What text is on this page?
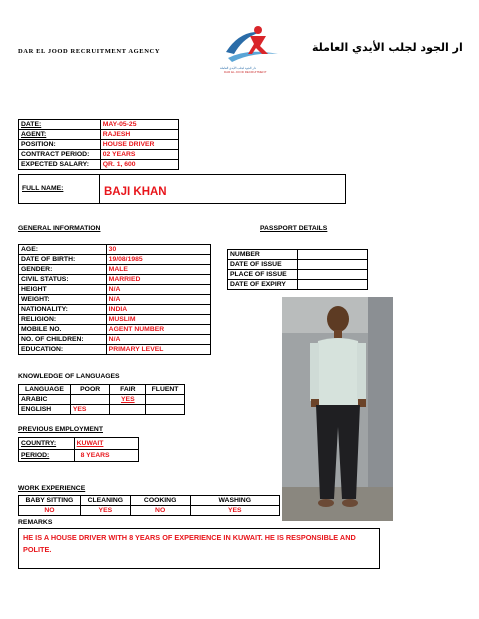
DAR EL JOOD RECRUITMENT AGENCY
دار الجود لجلب الأيدي العاملة
DAR EL JOOD RECRUITMENT
ار الجود لجلب الأيدي العاملة
DATE:	MAY-05-25
AGENT:	RAJESH
POSITION:	HOUSE DRIVER
CONTRACT PERIOD:	02 YEARS
EXPECTED SALARY:	QR. 1, 600
FULL NAME:	BAJI KHAN
GENERAL INFORMATION	PASSPORT DETAILS
AGE:	30
DATE OF BIRTH:	19/08/1985
GENDER:	MALE
CIVIL STATUS:	MARRIED
HEIGHT	N/A
WEIGHT:	N/A
NATIONALITY:	INDIA
RELIGION:	MUSLIM
MOBILE NO.	AGENT NUMBER
NO. OF CHILDREN:	N/A
EDUCATION:	PRIMARY LEVEL
NUMBER	
DATE OF ISSUE	
PLACE OF ISSUE	
DATE OF EXPIRY	
KNOWLEDGE OF LANGUAGES
LANGUAGE	POOR	FAIR	FLUENT
ARABIC		YES	
ENGLISH	YES		
PREVIOUS EMPLOYMENT
COUNTRY:	KUWAIT
PERIOD:	8 YEARS
WORK EXPERIENCE
BABY SITTING	CLEANING	COOKING	WASHING
NO	YES	NO	YES
REMARKS
HE IS A HOUSE DRIVER WITH 8 YEARS OF EXPERIENCE IN KUWAIT. HE IS RESPONSIBLE AND POLITE.
